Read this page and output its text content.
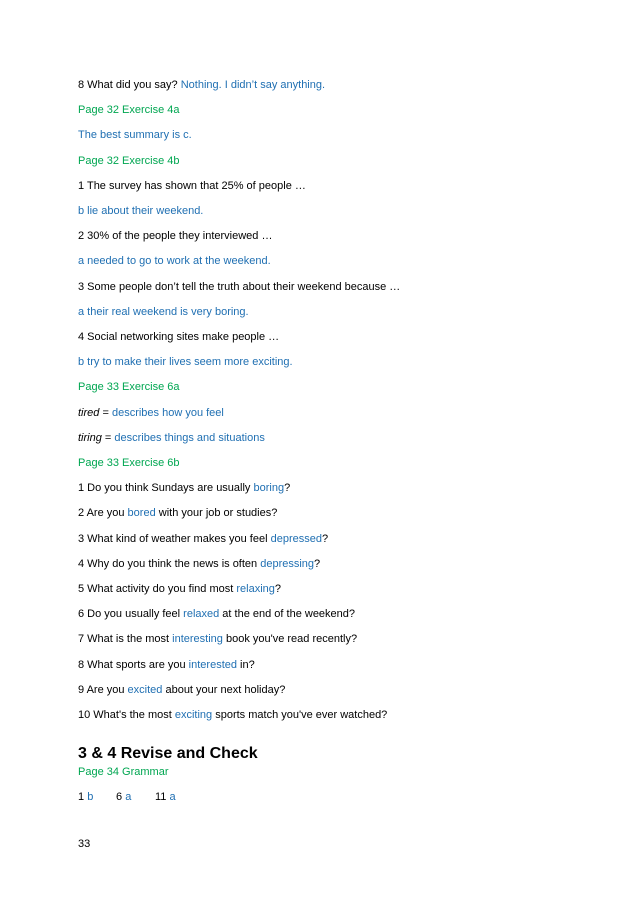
8 What did you say? Nothing. I didn’t say anything.
Page 32 Exercise 4a
The best summary is c.
Page 32 Exercise 4b
1 The survey has shown that 25% of people …
b lie about their weekend.
2 30% of the people they interviewed …
a needed to go to work at the weekend.
3 Some people don’t tell the truth about their weekend because …
a their real weekend is very boring.
4 Social networking sites make people …
b try to make their lives seem more exciting.
Page 33 Exercise 6a
tired = describes how you feel
tiring = describes things and situations
Page 33 Exercise 6b
1 Do you think Sundays are usually boring?
2 Are you bored with your job or studies?
3 What kind of weather makes you feel depressed?
4 Why do you think the news is often depressing?
5 What activity do you find most relaxing?
6 Do you usually feel relaxed at the end of the weekend?
7 What is the most interesting book you've read recently?
8 What sports are you interested in?
9 Are you excited about your next holiday?
10 What's the most exciting sports match you've ever watched?
3 & 4 Revise and Check
Page 34 Grammar
1 b 6 a 11 a
33
